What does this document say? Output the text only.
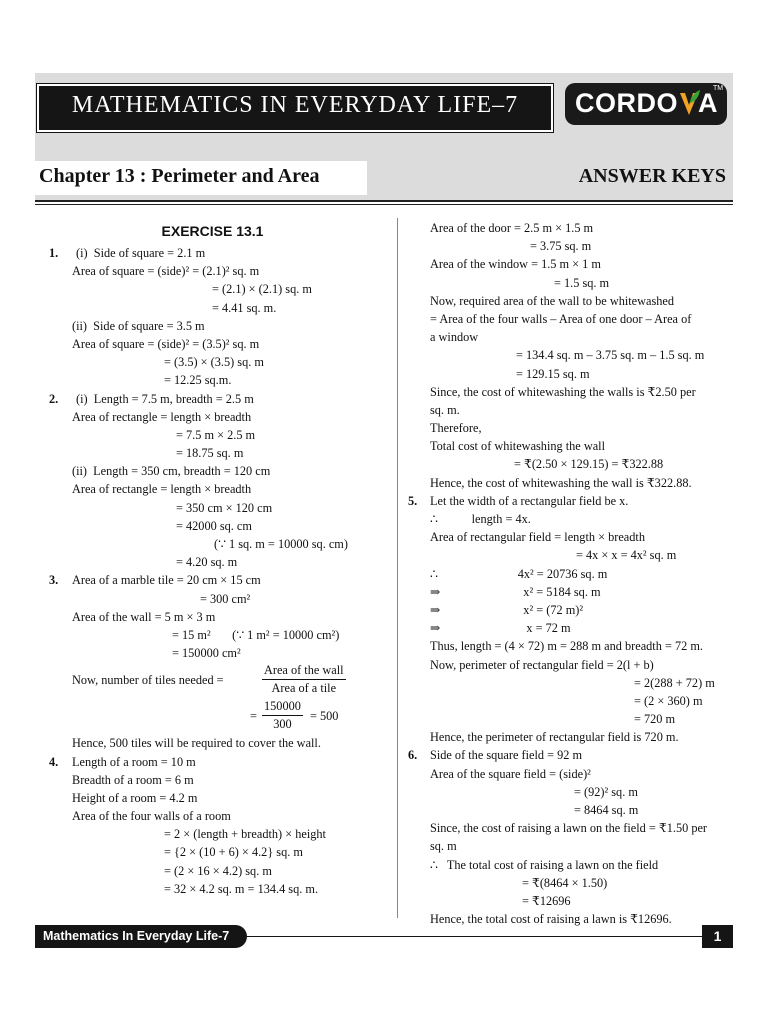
MATHEMATICS IN EVERYDAY LIFE–7	CORDO A
TM
Chapter 13 : Perimeter and Area	ANSWER KEYS
EXERCISE 13.1
1. (i)  Side of square = 2.1 m
Area of square = (side)² = (2.1)² sq. m
= (2.1) × (2.1) sq. m
= 4.41 sq. m.
(ii)  Side of square = 3.5 m
Area of square = (side)² = (3.5)² sq. m
= (3.5) × (3.5) sq. m
= 12.25 sq.m.
2. (i)  Length = 7.5 m, breadth = 2.5 m
Area of rectangle = length × breadth
= 7.5 m × 2.5 m
= 18.75 sq. m
(ii)  Length = 350 cm, breadth = 120 cm
Area of rectangle = length × breadth
= 350 cm × 120 cm
= 42000 sq. cm
(∵ 1 sq. m = 10000 sq. cm)
= 4.20 sq. m
3. Area of a marble tile = 20 cm × 15 cm
= 300 cm²
Area of the wall = 5 m × 3 m
= 15 m²       (∵ 1 m² = 10000 cm²)
= 150000 cm²
Now, number of tiles needed =
Area of the wall
Area of a tile
= $\frac{150000}{300} = 500$
Hence, 500 tiles will be required to cover the wall.
4. Length of a room = 10 m
Breadth of a room = 6 m
Height of a room = 4.2 m
Area of the four walls of a room
= 2 × (length + breadth) × height
= {2 × (10 + 6) × 4.2} sq. m
= (2 × 16 × 4.2) sq. m
= 32 × 4.2 sq. m = 134.4 sq. m.
Area of the door = 2.5 m × 1.5 m
= 3.75 sq. m
Area of the window = 1.5 m × 1 m
= 1.5 sq. m
Now, required area of the wall to be whitewashed
= Area of the four walls – Area of one door – Area of
a window
= 134.4 sq. m – 3.75 sq. m – 1.5 sq. m
= 129.15 sq. m
Since, the cost of whitewashing the walls is ₹2.50 per
sq. m.
Therefore,
Total cost of whitewashing the wall
= ₹(2.50 × 129.15) = ₹322.88
Hence, the cost of whitewashing the wall is ₹322.88.
5. Let the width of a rectangular field be x.
∴           length = 4x.
Area of rectangular field = length × breadth
= 4x × x = 4x² sq. m
∴                          4x² = 20736 sq. m
⇒                           x² = 5184 sq. m
⇒                           x² = (72 m)²
⇒                            x = 72 m
Thus, length = (4 × 72) m = 288 m and breadth = 72 m.
Now, perimeter of rectangular field = 2(l + b)
= 2(288 + 72) m
= (2 × 360) m
= 720 m
Hence, the perimeter of rectangular field is 720 m.
6. Side of the square field = 92 m
Area of the square field = (side)²
= (92)² sq. m
= 8464 sq. m
Since, the cost of raising a lawn on the field = ₹1.50 per
sq. m
∴   The total cost of raising a lawn on the field
= ₹(8464 × 1.50)
= ₹12696
Hence, the total cost of raising a lawn is ₹12696.
Mathematics In Everyday Life-7	1
